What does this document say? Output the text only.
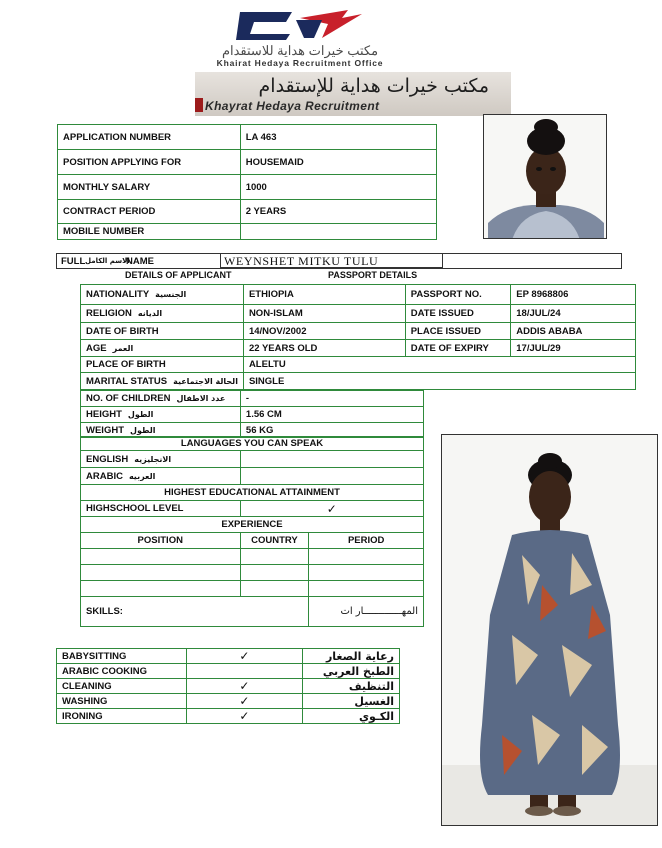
مكتب خيرات هداية للاستقدام
Khairat Hedaya Recruitment Office
مكتب خيرات هداية للإستقدام
Khayrat Hedaya Recruitment
APPLICATION NUMBER	LA 463
POSITION APPLYING FOR	HOUSEMAID
MONTHLY SALARY	1000
CONTRACT PERIOD	2 YEARS
MOBILE NUMBER	
FULL الاسم الكامل
NAME	WEYNSHET MITKU TULU
DETAILS OF APPLICANT	PASSPORT DETAILS
NATIONALITY الجنسية	ETHIOPIA	PASSPORT NO.	EP 8968806
RELIGION الديانه	NON-ISLAM	DATE ISSUED	18/JUL/24
DATE OF BIRTH	14/NOV/2002	PLACE ISSUED	ADDIS ABABA
AGE العمر	22 YEARS OLD	DATE OF EXPIRY	17/JUL/29
PLACE OF BIRTH	ALELTU		
MARITAL STATUS الحالة الاجتماعية	SINGLE		
NO. OF CHILDREN عدد الاطفال	-
HEIGHT الطول	1.56 CM
WEIGHT الطول	56 KG
LANGUAGES YOU CAN SPEAK		
ENGLISH الانجليزيه		
ARABIC العربيه		
HIGHEST EDUCATIONAL ATTAINMENT		
HIGHSCHOOL LEVEL	✓	
EXPERIENCE		
POSITION	COUNTRY	PERIOD

SKILLS:		المهـــــــــــــار ات
BABYSITTING	✓	رعاية الصغار

ARABIC COOKING		الطبخ العربي

CLEANING	✓	التنظيف

WASHING	✓	الغسيل

IRONING	✓	الكـوي
